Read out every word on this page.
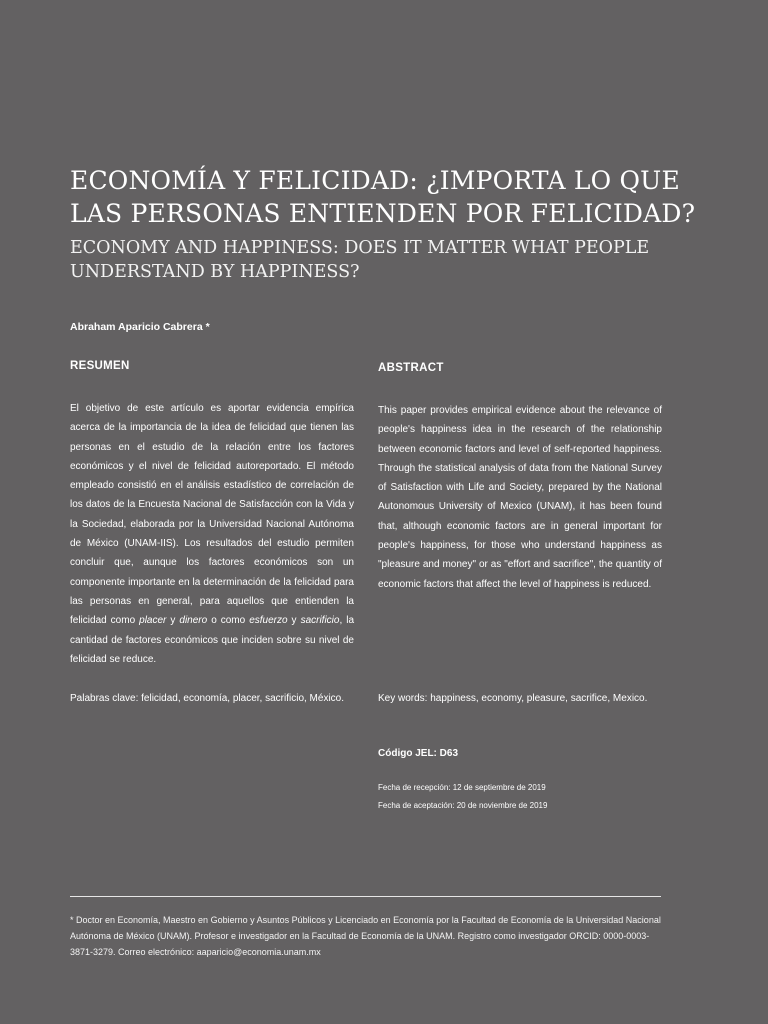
ECONOMÍA Y FELICIDAD: ¿IMPORTA LO QUE LAS PERSONAS ENTIENDEN POR FELICIDAD?
ECONOMY AND HAPPINESS: DOES IT MATTER WHAT PEOPLE UNDERSTAND BY HAPPINESS?
Abraham Aparicio Cabrera *
RESUMEN

El objetivo de este artículo es aportar evidencia empírica acerca de la importancia de la idea de felicidad que tienen las personas en el estudio de la relación entre los factores económicos y el nivel de felicidad autoreportado. El método empleado consistió en el análisis estadístico de correlación de los datos de la Encuesta Nacional de Satisfacción con la Vida y la Sociedad, elaborada por la Universidad Nacional Autónoma de México (UNAM-IIS). Los resultados del estudio permiten concluir que, aunque los factores económicos son un componente importante en la determinación de la felicidad para las personas en general, para aquellos que entienden la felicidad como placer y dinero o como esfuerzo y sacrificio, la cantidad de factores económicos que inciden sobre su nivel de felicidad se reduce.

Palabras clave: felicidad, economía, placer, sacrificio, México.

ABSTRACT

This paper provides empirical evidence about the relevance of people's happiness idea in the research of the relationship between economic factors and level of self-reported happiness. Through the statistical analysis of data from the National Survey of Satisfaction with Life and Society, prepared by the National Autonomous University of Mexico (UNAM), it has been found that, although economic factors are in general important for people's happiness, for those who understand happiness as "pleasure and money" or as "effort and sacrifice", the quantity of economic factors that affect the level of happiness is reduced.

Key words: happiness, economy, pleasure, sacrifice, Mexico.

Código JEL: D63

Fecha de recepción: 12 de septiembre de 2019

Fecha de aceptación: 20 de noviembre de 2019

* Doctor en Economía, Maestro en Gobierno y Asuntos Públicos y Licenciado en Economía por la Facultad de Economía de la Universidad Nacional Autónoma de México (UNAM). Profesor e investigador en la Facultad de Economía de la UNAM. Registro como investigador ORCID: 0000-0003-3871-3279. Correo electrónico: aaparicio@economia.unam.mx
